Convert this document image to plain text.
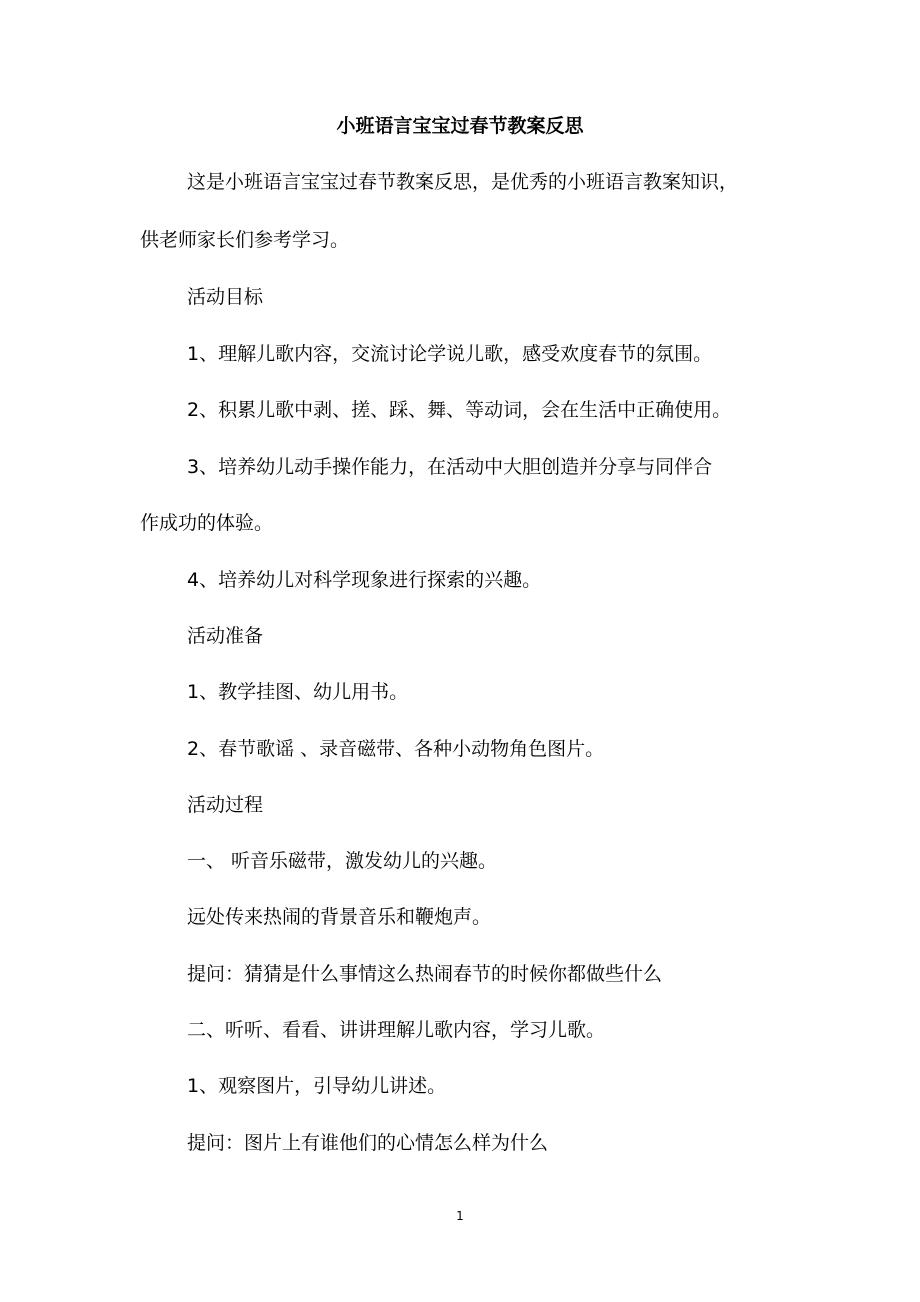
小班语言宝宝过春节教案反思
这是小班语言宝宝过春节教案反思，是优秀的小班语言教案知识，
供老师家长们参考学习。
活动目标
1、理解儿歌内容，交流讨论学说儿歌，感受欢度春节的氛围。
2、积累儿歌中剥、搓、踩、舞、等动词，会在生活中正确使用。
3、培养幼儿动手操作能力，在活动中大胆创造并分享与同伴合
作成功的体验。
4、培养幼儿对科学现象进行探索的兴趣。
活动准备
1、教学挂图、幼儿用书。
2、春节歌谣 、录音磁带、各种小动物角色图片。
活动过程
一、 听音乐磁带，激发幼儿的兴趣。
远处传来热闹的背景音乐和鞭炮声。
提问：猜猜是什么事情这么热闹春节的时候你都做些什么
二、听听、看看、讲讲理解儿歌内容，学习儿歌。
1、观察图片，引导幼儿讲述。
提问：图片上有谁他们的心情怎么样为什么
1
